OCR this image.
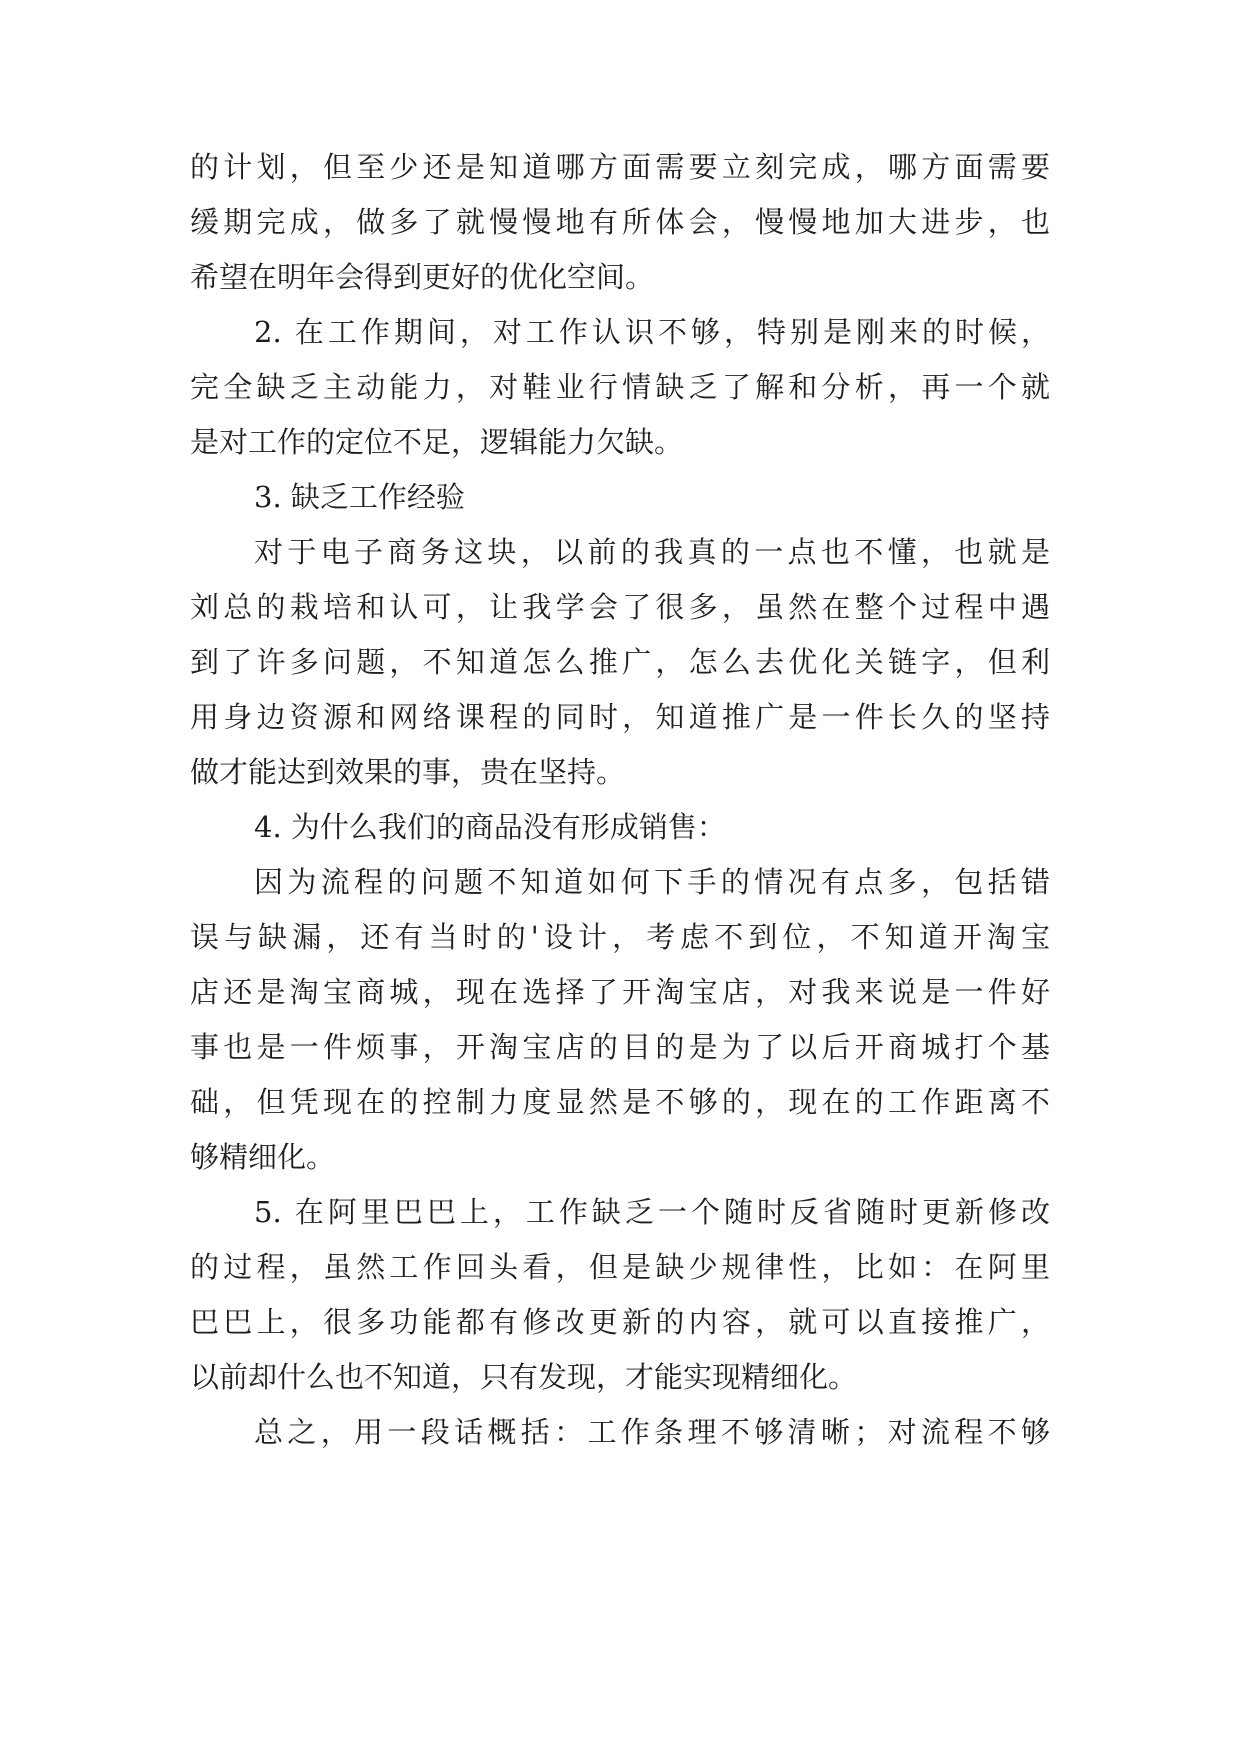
的计划，但至少还是知道哪方面需要立刻完成，哪方面需要
缓期完成，做多了就慢慢地有所体会，慢慢地加大进步，也
希望在明年会得到更好的优化空间。
2. 在工作期间，对工作认识不够，特别是刚来的时候，
完全缺乏主动能力，对鞋业行情缺乏了解和分析，再一个就
是对工作的定位不足，逻辑能力欠缺。
3. 缺乏工作经验
对于电子商务这块，以前的我真的一点也不懂，也就是
刘总的栽培和认可，让我学会了很多，虽然在整个过程中遇
到了许多问题，不知道怎么推广，怎么去优化关链字，但利
用身边资源和网络课程的同时，知道推广是一件长久的坚持
做才能达到效果的事，贵在坚持。
4. 为什么我们的商品没有形成销售：
因为流程的问题不知道如何下手的情况有点多，包括错
误与缺漏，还有当时的'设计，考虑不到位，不知道开淘宝
店还是淘宝商城，现在选择了开淘宝店，对我来说是一件好
事也是一件烦事，开淘宝店的目的是为了以后开商城打个基
础，但凭现在的控制力度显然是不够的，现在的工作距离不
够精细化。
5. 在阿里巴巴上，工作缺乏一个随时反省随时更新修改
的过程，虽然工作回头看，但是缺少规律性，比如：在阿里
巴巴上，很多功能都有修改更新的内容，就可以直接推广，
以前却什么也不知道，只有发现，才能实现精细化。
总之，用一段话概括：工作条理不够清晰；对流程不够
